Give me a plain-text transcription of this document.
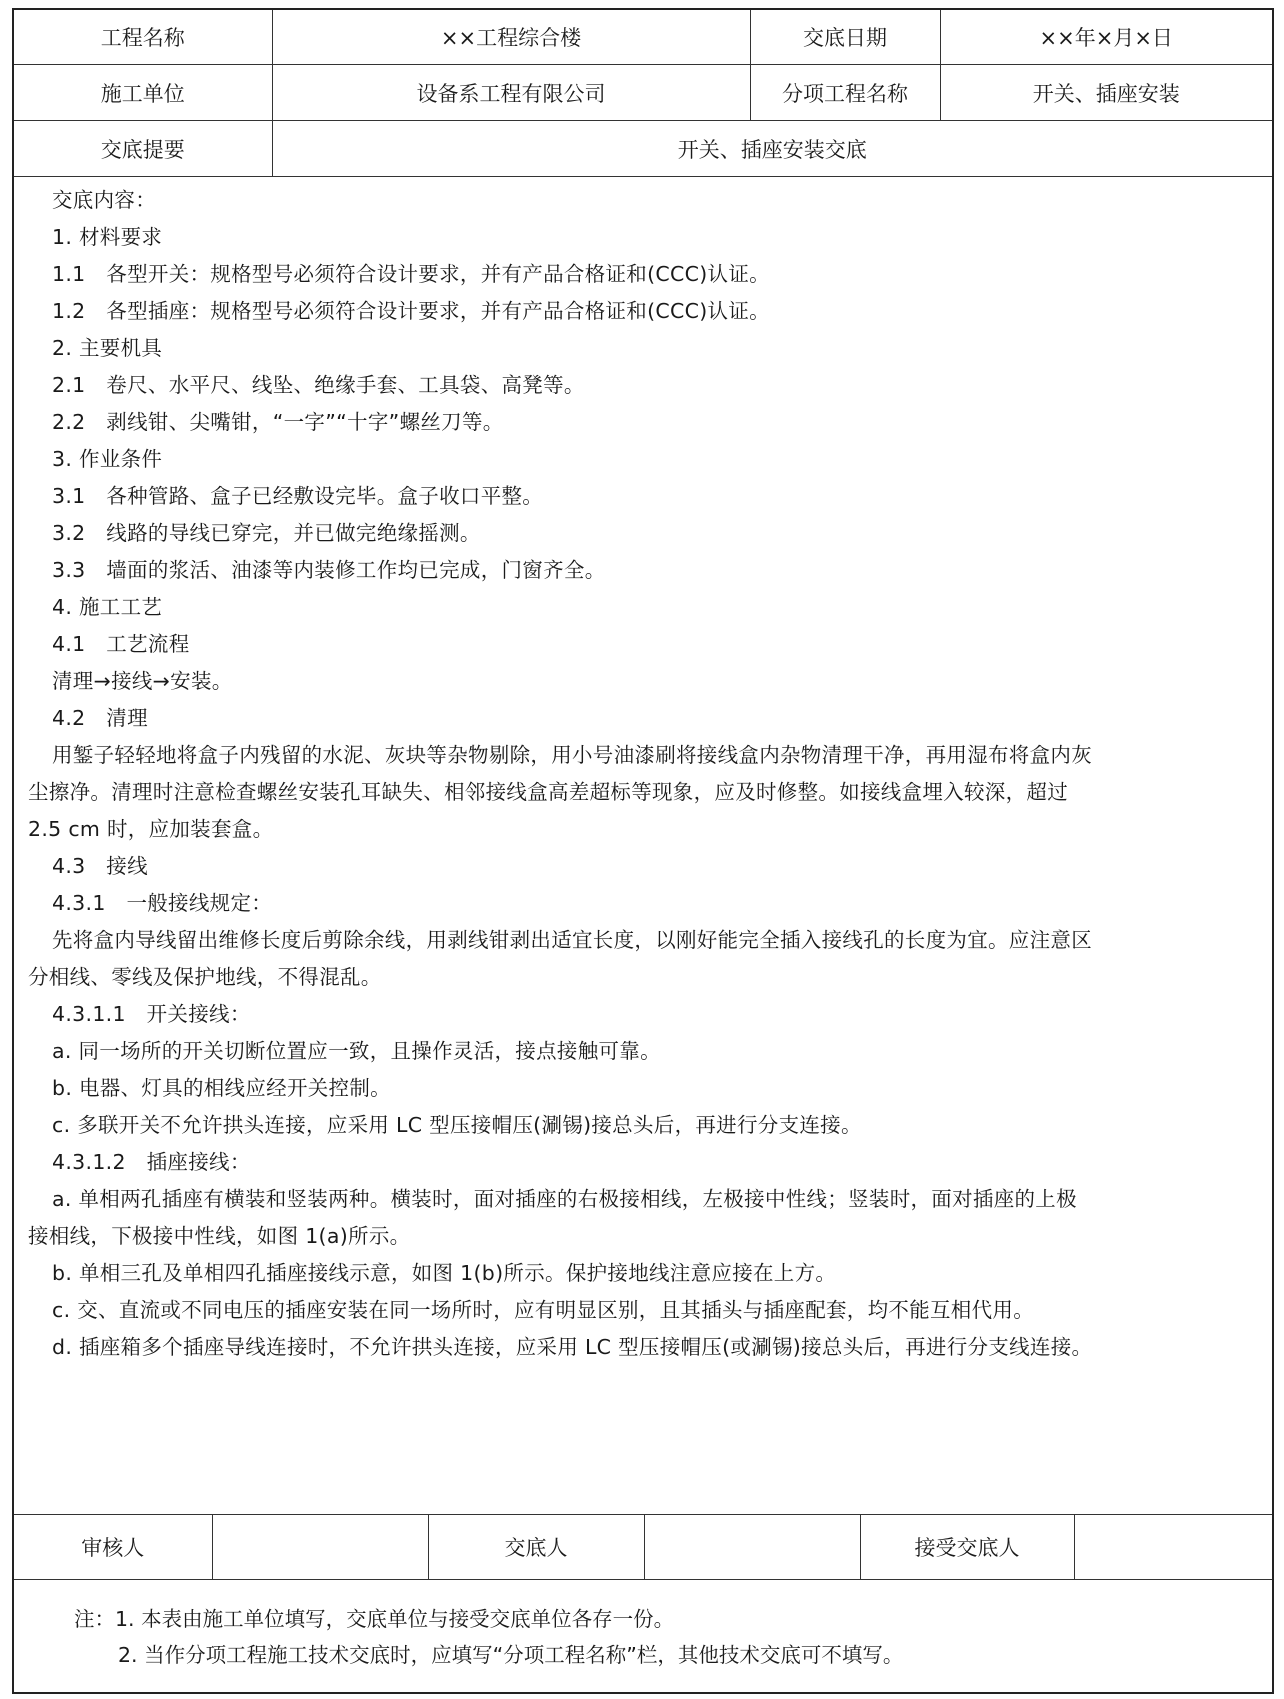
工程名称	××工程综合楼	交底日期	××年×月×日
施工单位	设备系工程有限公司	分项工程名称	开关、插座安装
交底提要	开关、插座安装交底		
交底内容：
1. 材料要求
1.1　各型开关：规格型号必须符合设计要求，并有产品合格证和(CCC)认证。
1.2　各型插座：规格型号必须符合设计要求，并有产品合格证和(CCC)认证。
2. 主要机具
2.1　卷尺、水平尺、线坠、绝缘手套、工具袋、高凳等。
2.2　剥线钳、尖嘴钳，“一字”“十字”螺丝刀等。
3. 作业条件
3.1　各种管路、盒子已经敷设完毕。盒子收口平整。
3.2　线路的导线已穿完，并已做完绝缘摇测。
3.3　墙面的浆活、油漆等内装修工作均已完成，门窗齐全。
4. 施工工艺
4.1　工艺流程
清理→接线→安装。
4.2　清理
用錾子轻轻地将盒子内残留的水泥、灰块等杂物剔除，用小号油漆刷将接线盒内杂物清理干净，再用湿布将盒内灰
尘擦净。清理时注意检查螺丝安装孔耳缺失、相邻接线盒高差超标等现象，应及时修整。如接线盒埋入较深，超过
2.5 cm 时，应加装套盒。
4.3　接线
4.3.1　一般接线规定：
先将盒内导线留出维修长度后剪除余线，用剥线钳剥出适宜长度，以刚好能完全插入接线孔的长度为宜。应注意区
分相线、零线及保护地线，不得混乱。
4.3.1.1　开关接线：
a. 同一场所的开关切断位置应一致，且操作灵活，接点接触可靠。
b. 电器、灯具的相线应经开关控制。
c. 多联开关不允许拱头连接，应采用 LC 型压接帽压(涮锡)接总头后，再进行分支连接。
4.3.1.2　插座接线：
a. 单相两孔插座有横装和竖装两种。横装时，面对插座的右极接相线，左极接中性线；竖装时，面对插座的上极
接相线，下极接中性线，如图 1(a)所示。
b. 单相三孔及单相四孔插座接线示意，如图 1(b)所示。保护接地线注意应接在上方。
c. 交、直流或不同电压的插座安装在同一场所时，应有明显区别，且其插头与插座配套，均不能互相代用。
d. 插座箱多个插座导线连接时，不允许拱头连接，应采用 LC 型压接帽压(或涮锡)接总头后，再进行分支线连接。
审核人		交底人		接受交底人	
注：1. 本表由施工单位填写，交底单位与接受交底单位各存一份。
2. 当作分项工程施工技术交底时，应填写“分项工程名称”栏，其他技术交底可不填写。
